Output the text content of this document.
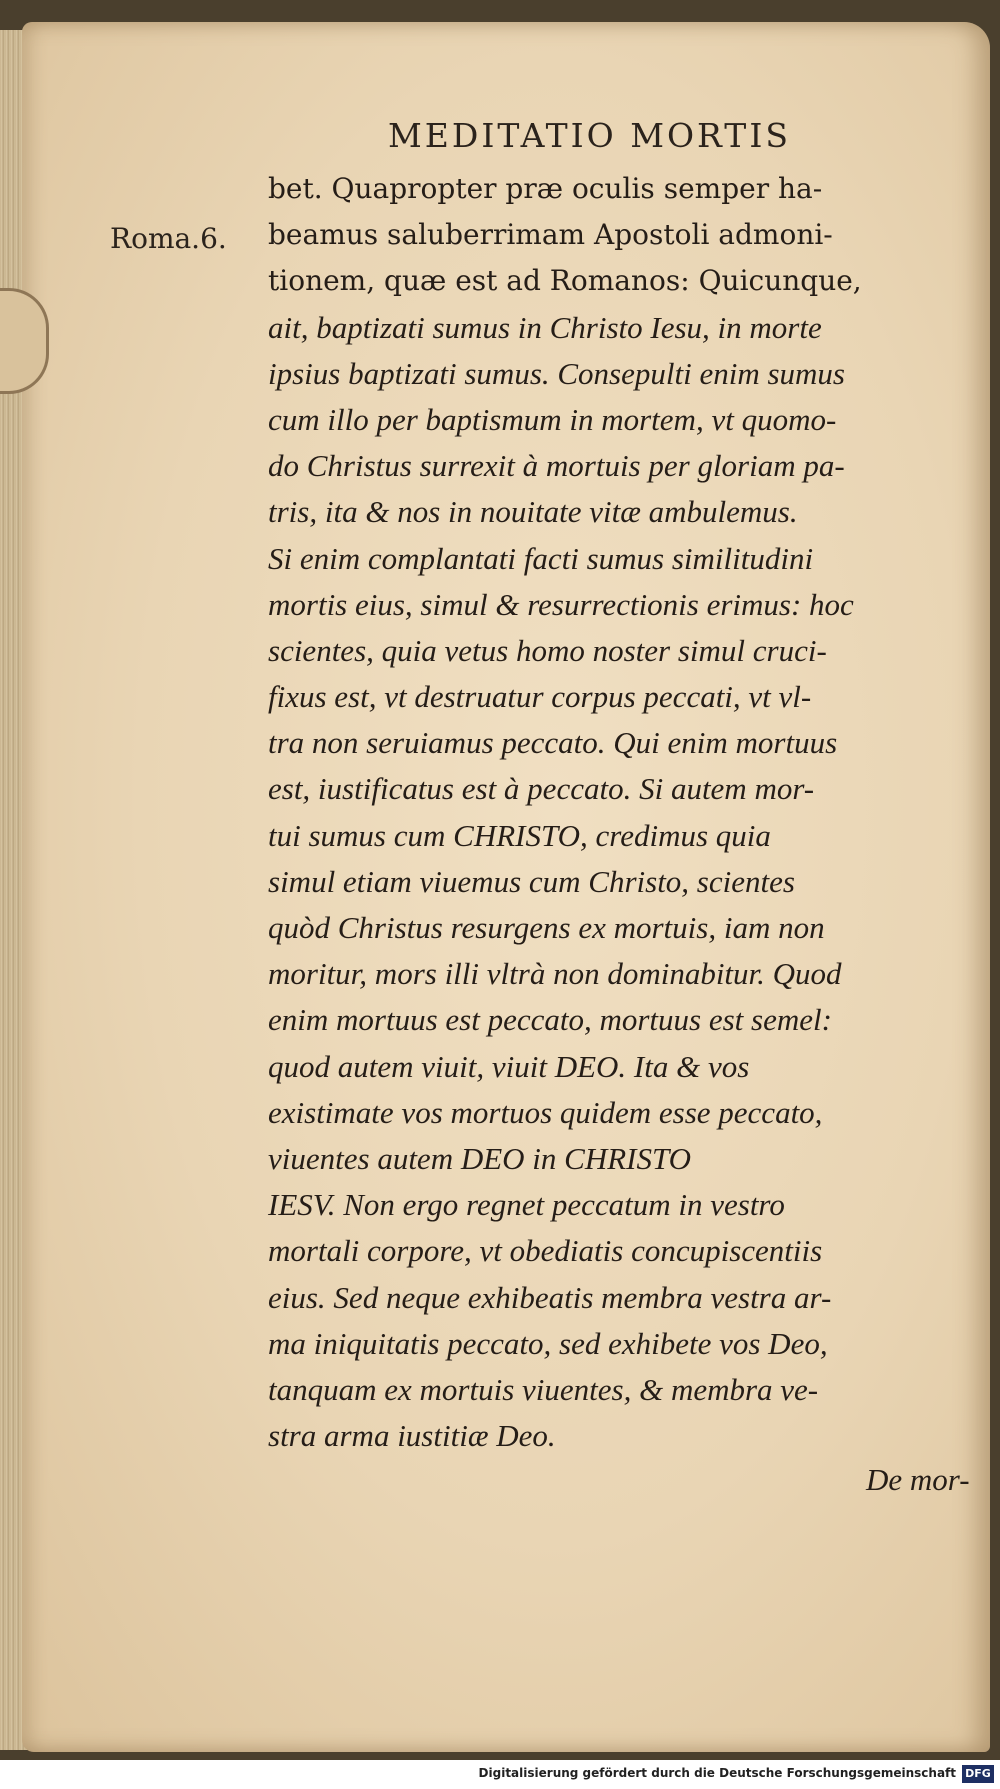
MEDITATIO MORTIS
Roma.6.
bet. Quapropter præ oculis semper ha-
beamus saluberrimam Apostoli admoni-
tionem, quæ est ad Romanos: Quicunque,
ait, baptizati sumus in Christo Iesu, in morte
ipsius baptizati sumus. Consepulti enim sumus
cum illo per baptismum in mortem, vt quomo-
do Christus surrexit à mortuis per gloriam pa-
tris, ita & nos in nouitate vitæ ambulemus.
Si enim complantati facti sumus similitudini
mortis eius, simul & resurrectionis erimus: hoc
scientes, quia vetus homo noster simul cruci-
fixus est, vt destruatur corpus peccati, vt vl-
tra non seruiamus peccato. Qui enim mortuus
est, iustificatus est à peccato. Si autem mor-
tui sumus cum CHRISTO, credimus quia
simul etiam viuemus cum Christo, scientes
quòd Christus resurgens ex mortuis, iam non
moritur, mors illi vltrà non dominabitur. Quod
enim mortuus est peccato, mortuus est semel:
quod autem viuit, viuit DEO. Ita & vos
existimate vos mortuos quidem esse peccato,
viuentes autem DEO in CHRISTO
IESV. Non ergo regnet peccatum in vestro
mortali corpore, vt obediatis concupiscentiis
eius. Sed neque exhibeatis membra vestra ar-
ma iniquitatis peccato, sed exhibete vos Deo,
tanquam ex mortuis viuentes, & membra ve-
stra arma iustitiæ Deo.
De mor-
Digitalisierung gefördert durch die Deutsche Forschungsgemeinschaft DFG
